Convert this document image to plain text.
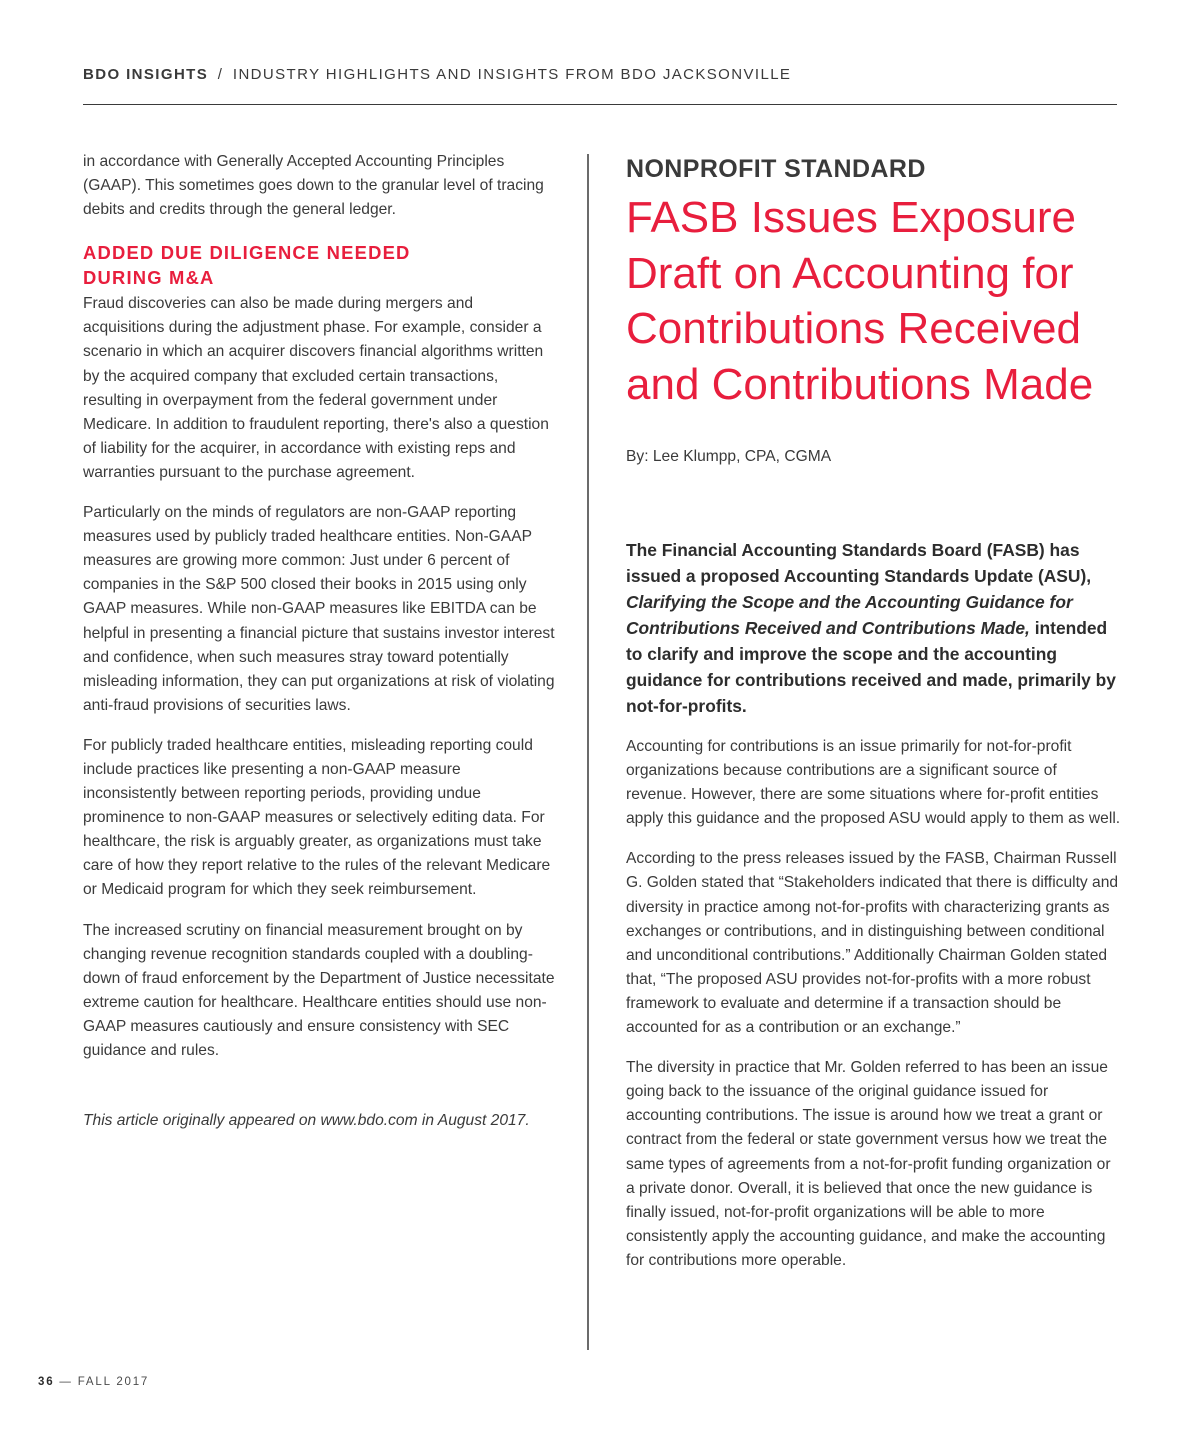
BDO INSIGHTS / INDUSTRY HIGHLIGHTS AND INSIGHTS FROM BDO JACKSONVILLE

in accordance with Generally Accepted Accounting Principles (GAAP). This sometimes goes down to the granular level of tracing debits and credits through the general ledger.

ADDED DUE DILIGENCE NEEDED
DURING M&A

Fraud discoveries can also be made during mergers and acquisitions during the adjustment phase. For example, consider a scenario in which an acquirer discovers financial algorithms written by the acquired company that excluded certain transactions, resulting in overpayment from the federal government under Medicare. In addition to fraudulent reporting, there's also a question of liability for the acquirer, in accordance with existing reps and warranties pursuant to the purchase agreement.

Particularly on the minds of regulators are non-GAAP reporting measures used by publicly traded healthcare entities. Non-GAAP measures are growing more common: Just under 6 percent of companies in the S&P 500 closed their books in 2015 using only GAAP measures. While non-GAAP measures like EBITDA can be helpful in presenting a financial picture that sustains investor interest and confidence, when such measures stray toward potentially misleading information, they can put organizations at risk of violating anti-fraud provisions of securities laws.

For publicly traded healthcare entities, misleading reporting could include practices like presenting a non-GAAP measure inconsistently between reporting periods, providing undue prominence to non-GAAP measures or selectively editing data. For healthcare, the risk is arguably greater, as organizations must take care of how they report relative to the rules of the relevant Medicare or Medicaid program for which they seek reimbursement.

The increased scrutiny on financial measurement brought on by changing revenue recognition standards coupled with a doubling-down of fraud enforcement by the Department of Justice necessitate extreme caution for healthcare. Healthcare entities should use non-GAAP measures cautiously and ensure consistency with SEC guidance and rules.

This article originally appeared on www.bdo.com in August 2017.
NONPROFIT STANDARD
FASB Issues Exposure
Draft on Accounting for
Contributions Received
and Contributions Made
By: Lee Klumpp, CPA, CGMA

The Financial Accounting Standards Board (FASB) has issued a proposed Accounting Standards Update (ASU), Clarifying the Scope and the Accounting Guidance for Contributions Received and Contributions Made, intended to clarify and improve the scope and the accounting guidance for contributions received and made, primarily by not-for-profits.

Accounting for contributions is an issue primarily for not-for-profit organizations because contributions are a significant source of revenue. However, there are some situations where for-profit entities apply this guidance and the proposed ASU would apply to them as well.

According to the press releases issued by the FASB, Chairman Russell G. Golden stated that “Stakeholders indicated that there is difficulty and diversity in practice among not-for-profits with characterizing grants as exchanges or contributions, and in distinguishing between conditional and unconditional contributions.” Additionally Chairman Golden stated that, “The proposed ASU provides not-for-profits with a more robust framework to evaluate and determine if a transaction should be accounted for as a contribution or an exchange.”

The diversity in practice that Mr. Golden referred to has been an issue going back to the issuance of the original guidance issued for accounting contributions. The issue is around how we treat a grant or contract from the federal or state government versus how we treat the same types of agreements from a not-for-profit funding organization or a private donor. Overall, it is believed that once the new guidance is finally issued, not-for-profit organizations will be able to more consistently apply the accounting guidance, and make the accounting for contributions more operable.

36 — FALL 2017
